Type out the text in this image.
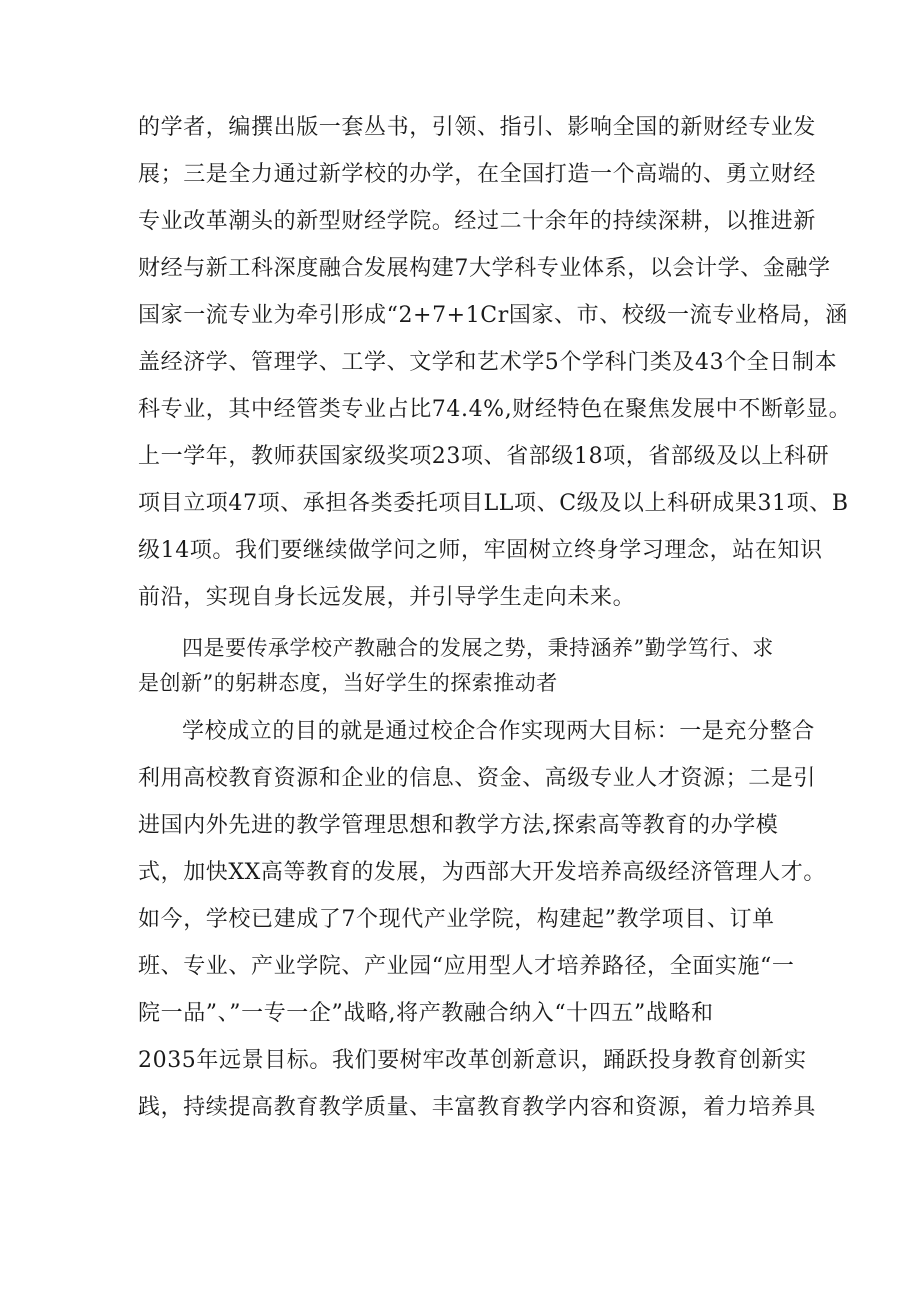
的学者，编撰出版一套丛书，引领、指引、影响全国的新财经专业发
展；三是全力通过新学校的办学，在全国打造一个高端的、勇立财经
专业改革潮头的新型财经学院。经过二十余年的持续深耕，以推进新
财经与新工科深度融合发展构建7大学科专业体系，以会计学、金融学
国家一流专业为牵引形成“2+7+1Cr国家、市、校级一流专业格局，涵
盖经济学、管理学、工学、文学和艺术学5个学科门类及43个全日制本
科专业，其中经管类专业占比74.4%,财经特色在聚焦发展中不断彰显。
上一学年，教师获国家级奖项23项、省部级18项，省部级及以上科研
项目立项47项、承担各类委托项目LL项、C级及以上科研成果31项、B
级14项。我们要继续做学问之师，牢固树立终身学习理念，站在知识
前沿，实现自身长远发展，并引导学生走向未来。
四是要传承学校产教融合的发展之势，秉持涵养”勤学笃行、求
是创新”的躬耕态度，当好学生的探索推动者
学校成立的目的就是通过校企合作实现两大目标：一是充分整合
利用高校教育资源和企业的信息、资金、高级专业人才资源；二是引
进国内外先进的教学管理思想和教学方法,探索高等教育的办学模
式，加快XX高等教育的发展，为西部大开发培养高级经济管理人才。
如今，学校已建成了7个现代产业学院，构建起”教学项目、订单
班、专业、产业学院、产业园“应用型人才培养路径，全面实施“一
院一品”、”一专一企”战略,将产教融合纳入“十四五”战略和
2035年远景目标。我们要树牢改革创新意识，踊跃投身教育创新实
践，持续提高教育教学质量、丰富教育教学内容和资源，着力培养具
